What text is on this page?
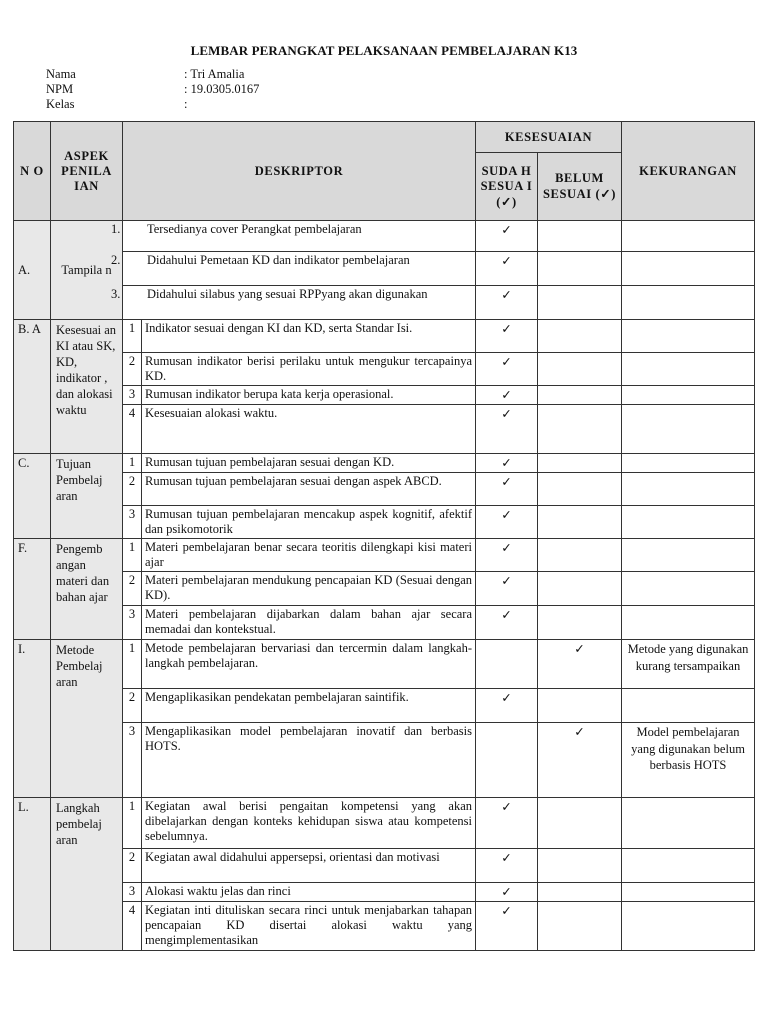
LEMBAR PERANGKAT PELAKSANAAN PEMBELAJARAN K13
Nama	: Tri Amalia
NPM	: 19.0305.0167
Kelas	:
N O	ASPEK PENILA IAN	DESKRIPTOR		KESESUAIAN		KEKURANGAN
				SUDA H SESUA I (✓)	BELUM SESUAI (✓)	
A.	Tampila n	1. Tersedianya cover Perangkat pembelajaran		✓		

		2. Didahului Pemetaan KD dan indikator pembelajaran		✓		

		3. Didahului silabus yang sesuai RPPyang akan digunakan		✓		
B. A	Kesesuai an KI atau SK, KD, indikator , dan alokasi waktu	1	Indikator sesuai dengan KI dan KD, serta Standar Isi.	✓		
		2	Rumusan indikator berisi perilaku untuk mengukur tercapainya KD.	✓		
		3	Rumusan indikator berupa kata kerja operasional.	✓		
		4	Kesesuaian alokasi waktu.	✓		
C.	Tujuan Pembelaj aran	1	Rumusan tujuan pembelajaran sesuai dengan KD.	✓		
		2	Rumusan tujuan pembelajaran sesuai dengan aspek ABCD.	✓		
		3	Rumusan tujuan pembelajaran mencakup aspek kognitif, afektif dan psikomotorik	✓		
F.	Pengemb angan materi dan bahan ajar	1	Materi pembelajaran benar secara teoritis dilengkapi kisi materi ajar	✓		
		2	Materi pembelajaran mendukung pencapaian KD (Sesuai dengan KD).	✓		
		3	Materi pembelajaran dijabarkan dalam bahan ajar secara memadai dan kontekstual.	✓		
I.	Metode Pembelaj aran	1	Metode pembelajaran bervariasi dan tercermin dalam langkah-langkah pembelajaran.		✓	Metode yang digunakan kurang tersampaikan
		2	Mengaplikasikan pendekatan pembelajaran saintifik.	✓		
		3	Mengaplikasikan model pembelajaran inovatif dan berbasis HOTS.		✓	Model pembelajaran yang digunakan belum berbasis HOTS
L.	Langkah pembelaj aran	1	Kegiatan awal berisi pengaitan kompetensi yang akan dibelajarkan dengan konteks kehidupan siswa atau kompetensi sebelumnya.	✓		
		2	Kegiatan awal didahului appersepsi, orientasi dan motivasi	✓		
		3	Alokasi waktu jelas dan rinci	✓		
		4	Kegiatan inti dituliskan secara rinci untuk menjabarkan tahapan pencapaian KD disertai alokasi waktu yang mengimplementasikan	✓		
